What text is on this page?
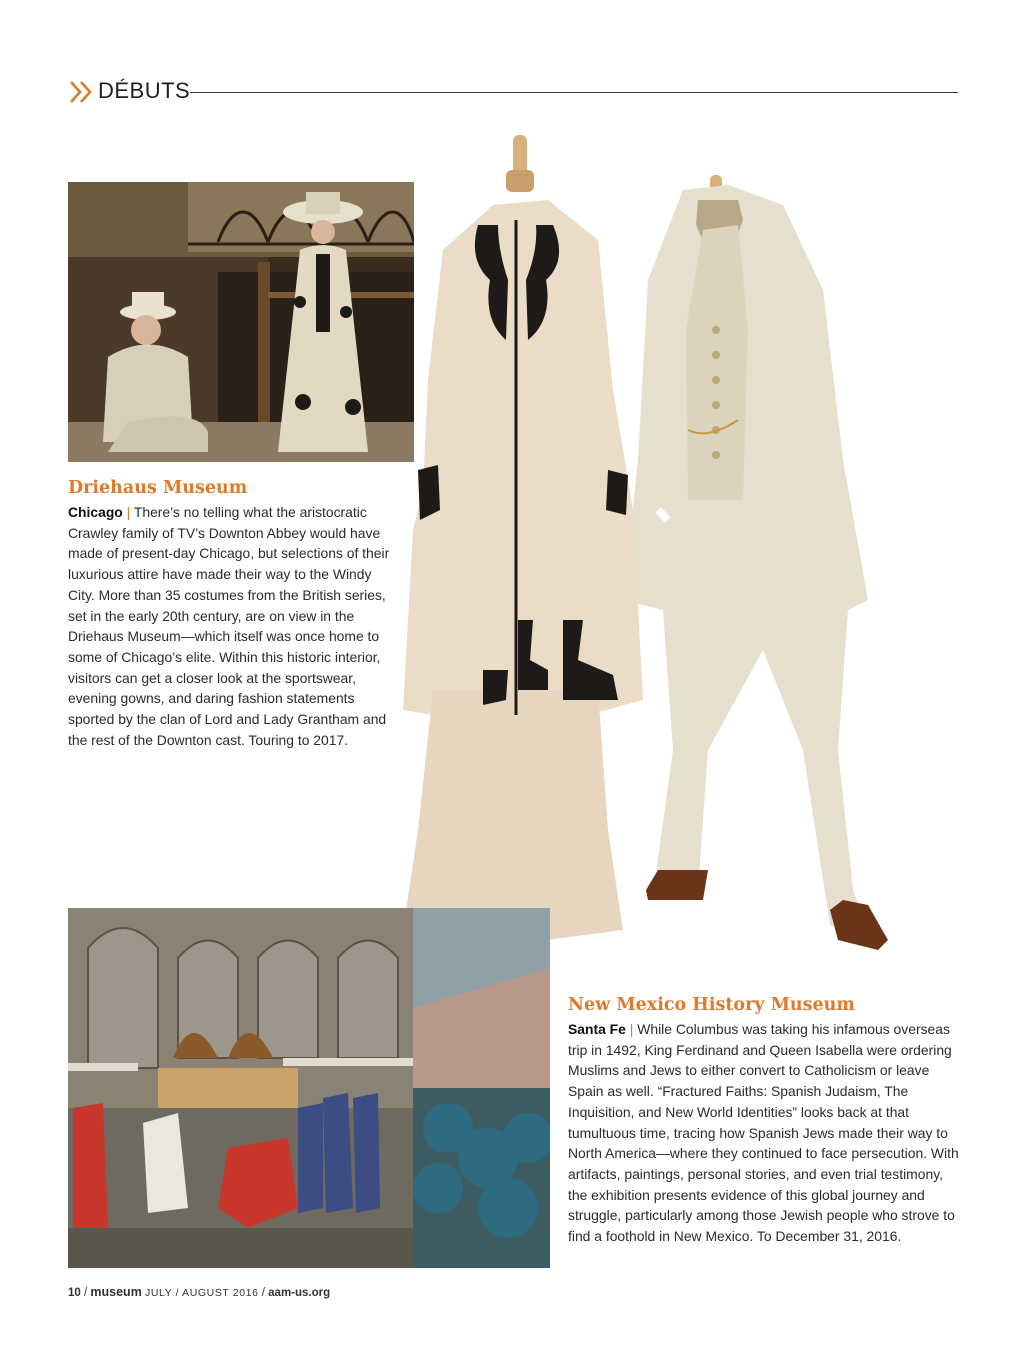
DÉBUTS
Driehaus Museum
Chicago | There’s no telling what the aristocratic Crawley family of TV’s Downton Abbey would have made of present-day Chicago, but selections of their luxurious attire have made their way to the Windy City. More than 35 costumes from the British series, set in the early 20th century, are on view in the Driehaus Museum—which itself was once home to some of Chicago’s elite. Within this historic interior, visitors can get a closer look at the sportswear, evening gowns, and daring fashion statements sported by the clan of Lord and Lady Grantham and the rest of the Downton cast. Touring to 2017.
New Mexico History Museum
Santa Fe | While Columbus was taking his infamous overseas trip in 1492, King Ferdinand and Queen Isabella were ordering Muslims and Jews to either convert to Catholicism or leave Spain as well. “Fractured Faiths: Spanish Judaism, The Inquisition, and New World Identities” looks back at that tumultuous time, tracing how Spanish Jews made their way to North America—where they continued to face persecution. With artifacts, paintings, personal stories, and even trial testimony, the exhibition presents evidence of this global journey and struggle, particularly among those Jewish people who strove to find a foothold in New Mexico. To December 31, 2016.
10 / museum JULY / AUGUST 2016 / aam-us.org
